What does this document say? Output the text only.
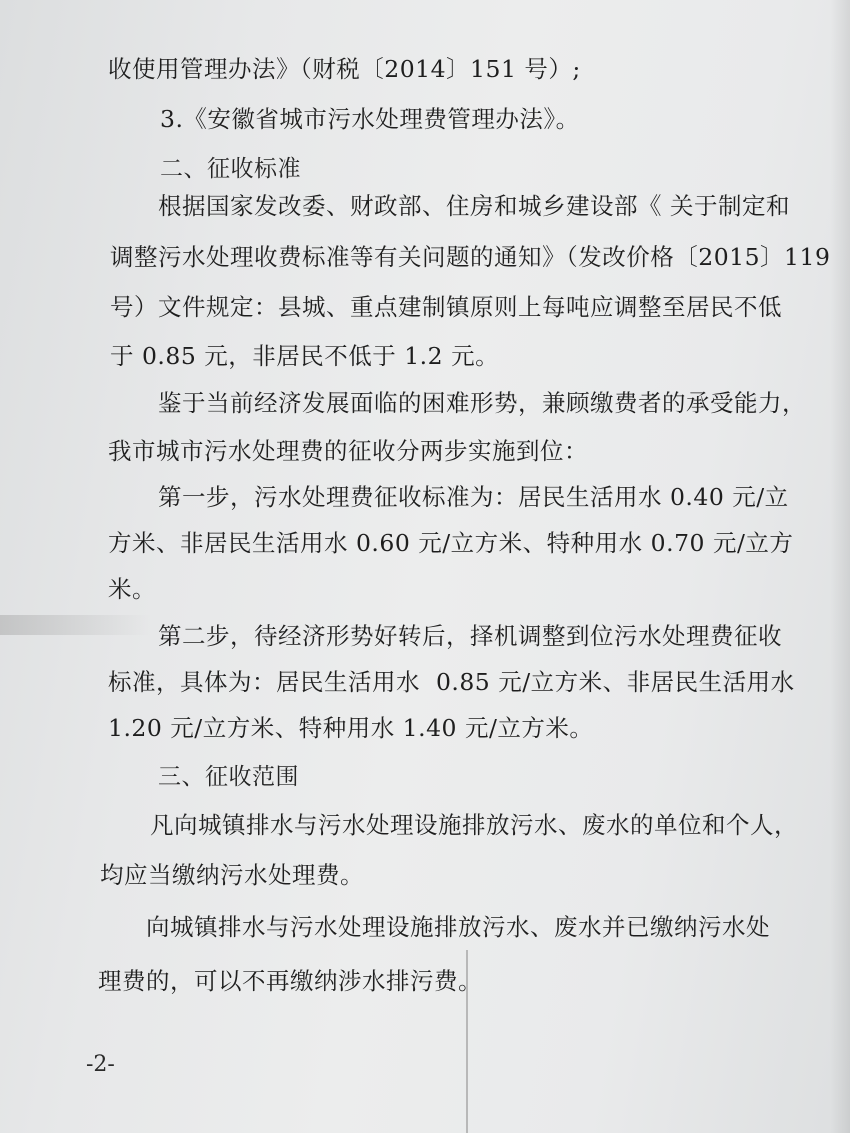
收使用管理办法》（财税〔2014〕151 号）;
3.《安徽省城市污水处理费管理办法》。
二、征收标准
根据国家发改委、财政部、住房和城乡建设部《 关于制定和
调整污水处理收费标准等有关问题的通知》（发改价格〔2015〕119
号）文件规定：县城、重点建制镇原则上每吨应调整至居民不低
于 0.85 元，非居民不低于 1.2 元。
鉴于当前经济发展面临的困难形势，兼顾缴费者的承受能力，
我市城市污水处理费的征收分两步实施到位：
第一步，污水处理费征收标准为：居民生活用水 0.40 元/立
方米、非居民生活用水 0.60 元/立方米、特种用水 0.70 元/立方
米。
第二步，待经济形势好转后，择机调整到位污水处理费征收
标准，具体为：居民生活用水  0.85 元/立方米、非居民生活用水
1.20 元/立方米、特种用水 1.40 元/立方米。
三、征收范围
凡向城镇排水与污水处理设施排放污水、废水的单位和个人，
均应当缴纳污水处理费。
向城镇排水与污水处理设施排放污水、废水并已缴纳污水处
理费的，可以不再缴纳涉水排污费。
-2-
